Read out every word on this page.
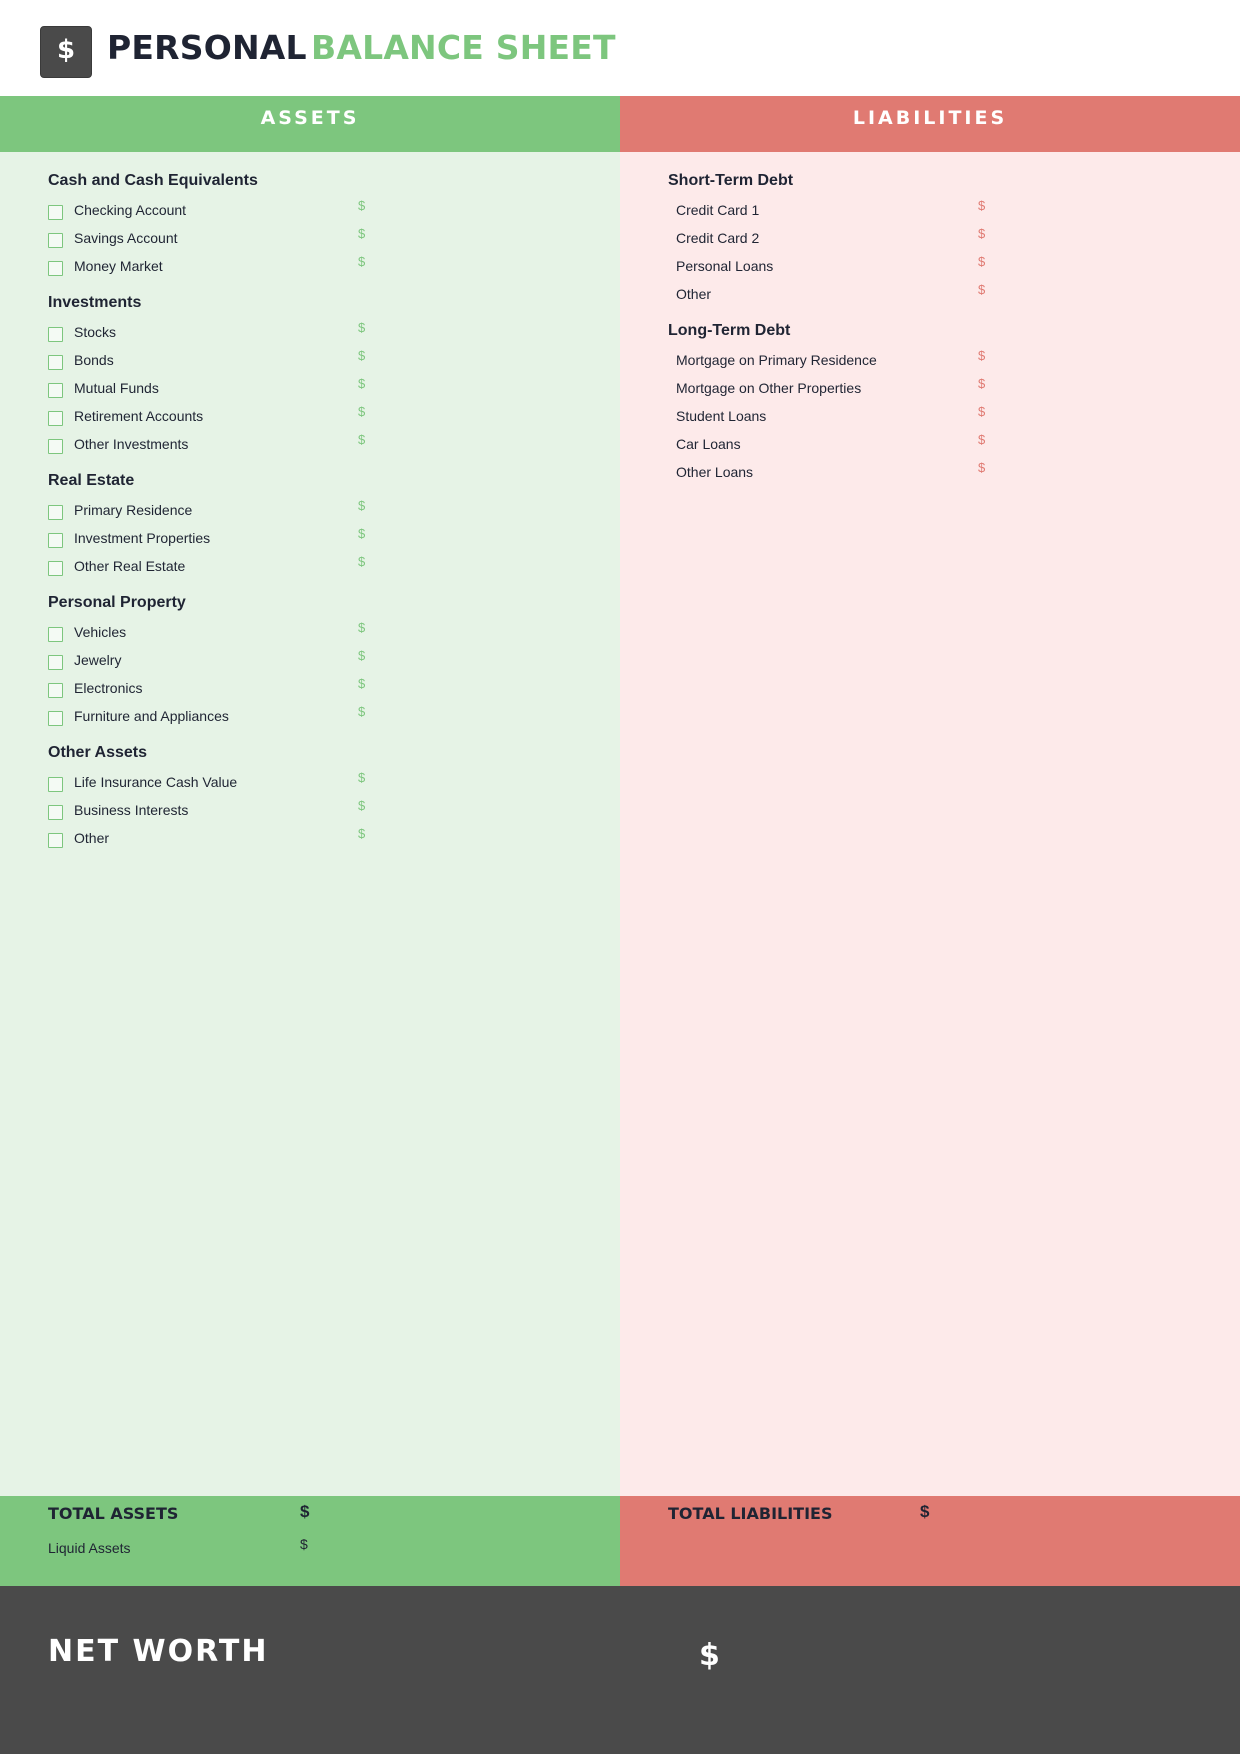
$ PERSONAL BALANCE SHEET
ASSETS	LIABILITIES
Cash and Cash Equivalents
Checking Account	$
Savings Account	$
Money Market	$
Investments
Stocks	$
Bonds	$
Mutual Funds	$
Retirement Accounts	$
Other Investments	$
Real Estate
Primary Residence	$
Investment Properties	$
Other Real Estate	$
Personal Property
Vehicles	$
Jewelry	$
Electronics	$
Furniture and Appliances	$
Other Assets
Life Insurance Cash Value	$
Business Interests	$
Other	$
Short-Term Debt
Credit Card 1	$
Credit Card 2	$
Personal Loans	$
Other	$
Long-Term Debt
Mortgage on Primary Residence	$
Mortgage on Other Properties	$
Student Loans	$
Car Loans	$
Other Loans	$
TOTAL ASSETS	$
Liquid Assets	$
TOTAL LIABILITIES	$
NET WORTH	$
